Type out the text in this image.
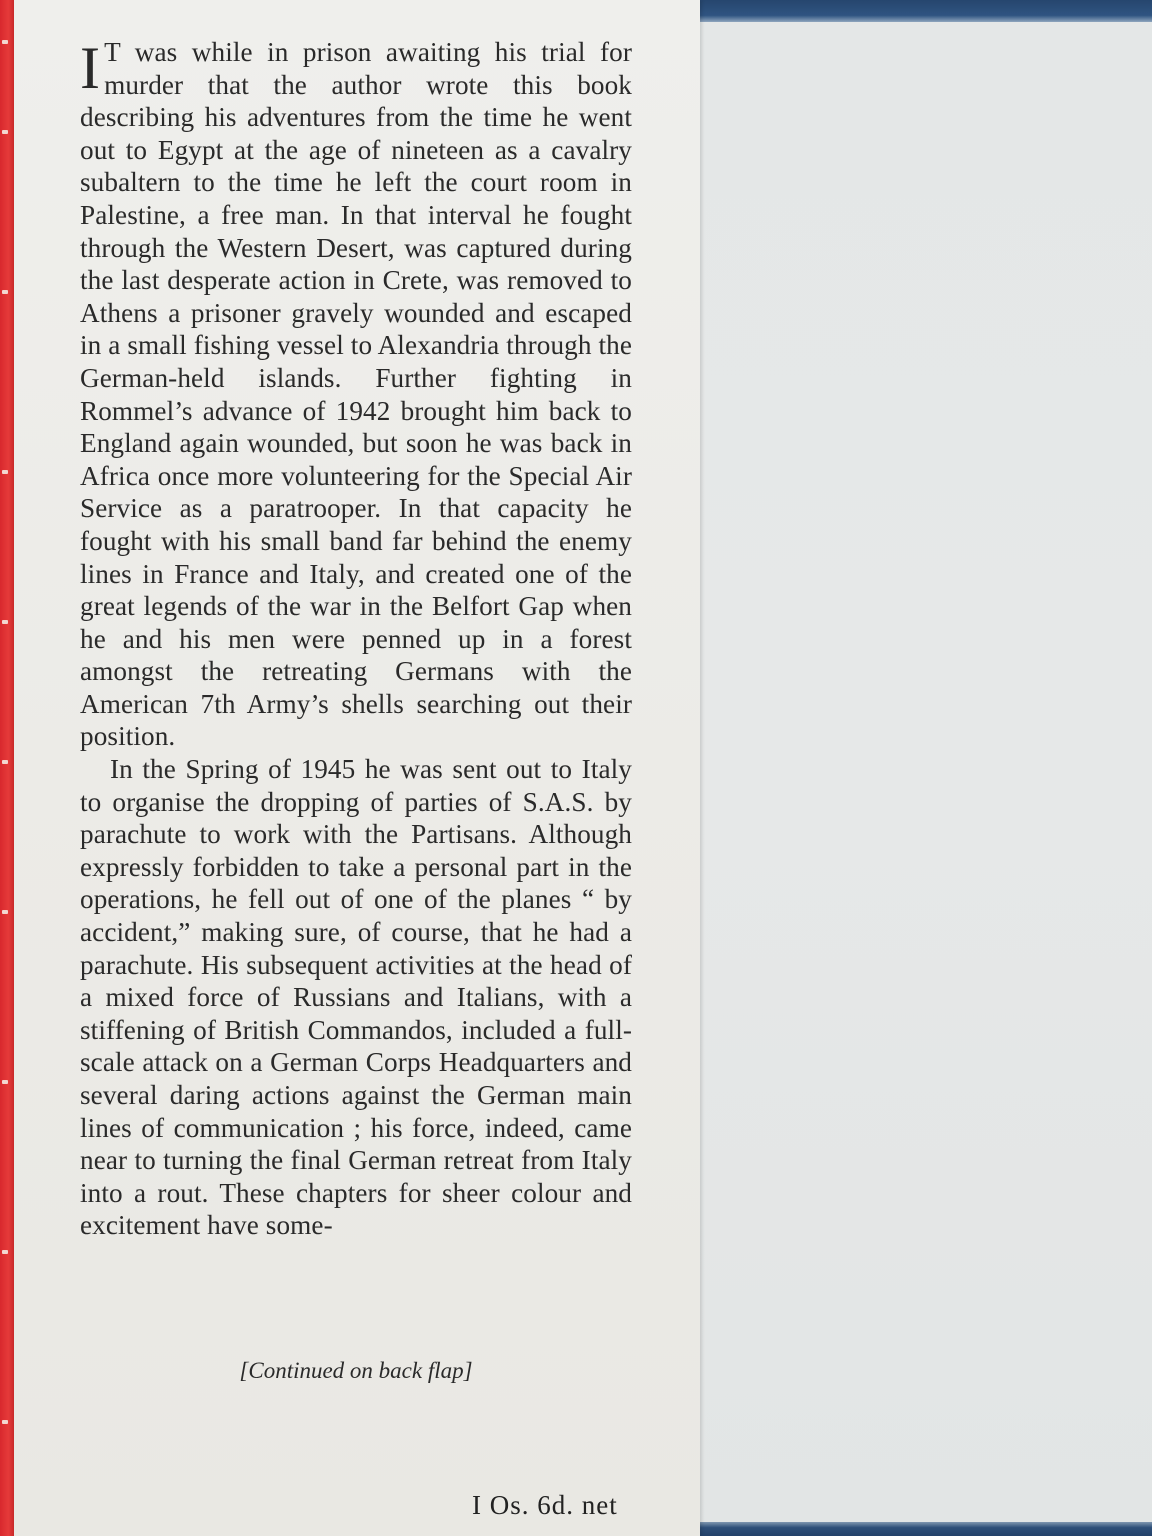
I T was while in prison awaiting his trial for murder that the author wrote this book describing his adventures from the time he went out to Egypt at the age of nineteen as a cavalry subaltern to the time he left the court room in Palestine, a free man. In that interval he fought through the Western Desert, was captured during the last desperate action in Crete, was removed to Athens a prisoner gravely wounded and escaped in a small fishing vessel to Alexandria through the German-held islands. Further fighting in Rommel’s advance of 1942 brought him back to England again wounded, but soon he was back in Africa once more volunteering for the Special Air Service as a paratrooper. In that capacity he fought with his small band far behind the enemy lines in France and Italy, and created one of the great legends of the war in the Belfort Gap when he and his men were penned up in a forest amongst the retreating Germans with the American 7th Army’s shells searching out their position.

In the Spring of 1945 he was sent out to Italy to organise the dropping of parties of S.A.S. by parachute to work with the Partisans. Although expressly forbidden to take a personal part in the operations, he fell out of one of the planes “ by accident,” making sure, of course, that he had a parachute. His subsequent activities at the head of a mixed force of Russians and Italians, with a stiffening of British Commandos, included a full-scale attack on a German Corps Headquarters and several daring actions against the German main lines of communication ; his force, indeed, came near to turning the final German retreat from Italy into a rout. These chapters for sheer colour and excitement have some-

[Continued on back flap]
I Os. 6d. net
